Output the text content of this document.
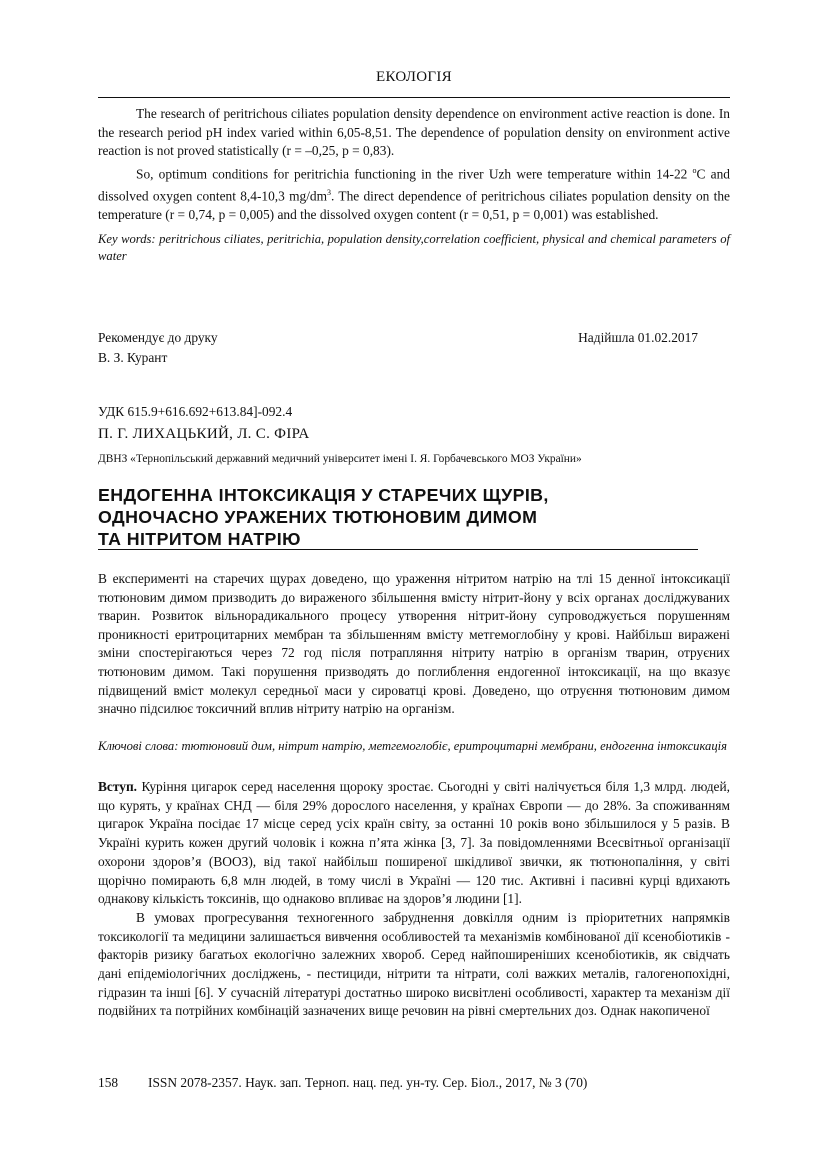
ЕКОЛОГІЯ

The research of peritrichous ciliates population density dependence on environment active reaction is done. In the research period pH index varied within 6,05-8,51. The dependence of population density on environment active reaction is not proved statistically (r = –0,25, p = 0,83).

So, optimum conditions for peritrichia functioning in the river Uzh were temperature within 14-22 $^o$C and dissolved oxygen content 8,4-10,3 $mg/dm^3$. The direct dependence of peritrichous ciliates population density on the temperature (r = 0,74, p = 0,005) and the dissolved oxygen content (r = 0,51, p = 0,001) was established.

Key words: peritrichous ciliates, peritrichia, population density,correlation coefficient, physical and chemical parameters of water

Рекомендує до друку	Надійшла 01.02.2017
В. З. Курант
УДК 615.9+616.692+613.84]-092.4
П. Г. ЛИХАЦЬКИЙ, Л. С. ФІРА
ДВНЗ «Тернопільський державний медичний університет імені І. Я. Горбачевського МОЗ України»
ЕНДОГЕННА ІНТОКСИКАЦІЯ У СТАРЕЧИХ ЩУРІВ,
ОДНОЧАСНО УРАЖЕНИХ ТЮТЮНОВИМ ДИМОМ
ТА НІТРИТОМ НАТРІЮ

В експерименті на старечих щурах доведено, що ураження нітритом натрію на тлі 15 денної інтоксикації тютюновим димом призводить до вираженого збільшення вмісту нітрит-йону у всіх органах досліджуваних тварин. Розвиток вільнорадикального процесу утворення нітрит-йону супроводжується порушенням проникності еритроцитарних мембран та збільшенням вмісту метгемоглобіну у крові. Найбільш виражені зміни спостерігаються через 72 год після потрапляння нітриту натрію в організм тварин, отруєних тютюновим димом. Такі порушення призводять до поглиблення ендогенної інтоксикації, на що вказує підвищений вміст молекул середньої маси у сироватці крові. Доведено, що отруєння тютюновим димом значно підсилює токсичний вплив нітриту натрію на організм.

Ключові слова: тютюновий дим, нітрит натрію, метгемоглобіє, еритроцитарні мембрани, ендогенна інтоксикація

Вступ. Куріння цигарок серед населення щороку зростає. Сьогодні у світі налічується біля 1,3 млрд. людей, що курять, у країнах СНД — біля 29% дорослого населення, у країнах Європи — до 28%. За споживанням цигарок Україна посідає 17 місце серед усіх країн світу, за останні 10 років воно збільшилося у 5 разів. В Україні курить кожен другий чоловік і кожна п’ята жінка [3, 7]. За повідомленнями Всесвітньої організації охорони здоров’я (ВООЗ), від такої найбільш поширеної шкідливої звички, як тютюнопаління, у світі щорічно помирають 6,8 млн людей, в тому числі в Україні — 120 тис. Активні і пасивні курці вдихають однакову кількість токсинів, що однаково впливає на здоров’я людини [1].

В умовах прогресування техногенного забруднення довкілля одним із пріоритетних напрямків токсикології та медицини залишається вивчення особливостей та механізмів комбінованої дії ксенобіотиків - факторів ризику багатьох екологічно залежних хвороб. Серед найпоширеніших ксенобіотиків, як свідчать дані епідеміологічних досліджень, - пестициди, нітрити та нітрати, солі важких металів, галогенопохідні, гідразин та інші [6]. У сучасній літературі достатньо широко висвітлені особливості, характер та механізм дії подвійних та потрійних комбінацій зазначених вище речовин на рівні смертельних доз. Однак накопиченої

158 ISSN 2078-2357. Наук. зап. Терноп. нац. пед. ун-ту. Сер. Біол., 2017, № 3 (70)
